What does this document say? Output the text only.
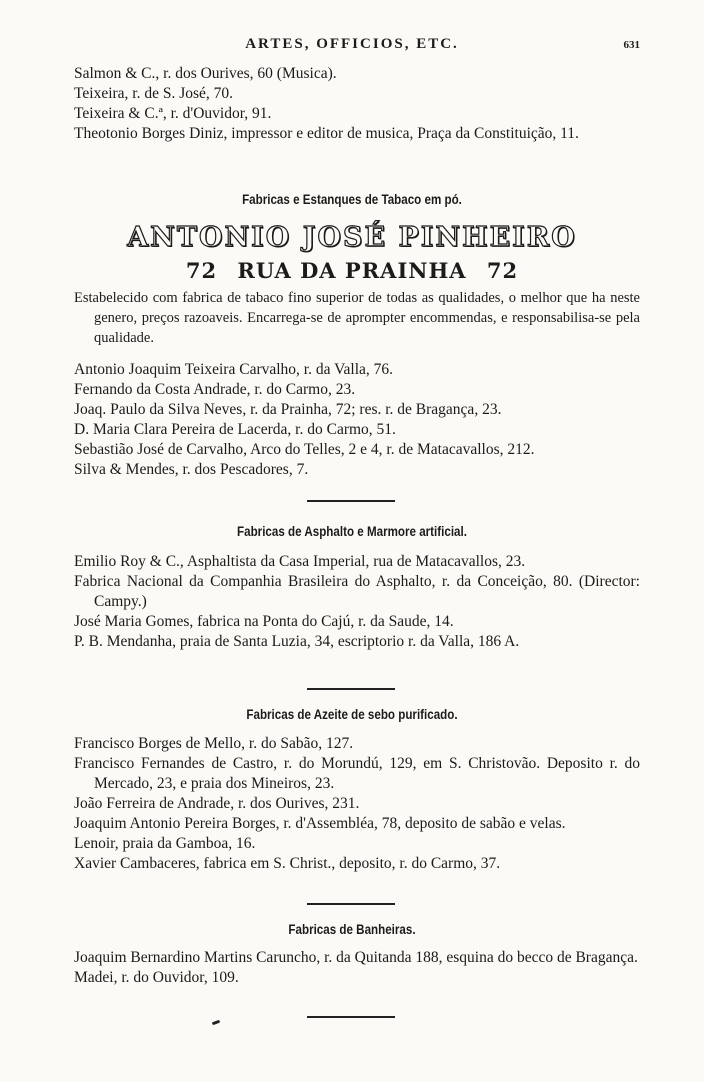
ARTES, OFFICIOS, ETC.	631
Salmon & C., r. dos Ourives, 60 (Musica).
Teixeira, r. de S. José, 70.
Teixeira & C.ª, r. d'Ouvidor, 91.
Theotonio Borges Diniz, impressor e editor de musica, Praça da Constituição, 11.
Fabricas e Estanques de Tabaco em pó.
ANTONIO JOSÉ PINHEIRO
72 RUA DA PRAINHA 72
Estabelecido com fabrica de tabaco fino superior de todas as qualidades, o melhor que ha neste genero, preços razoaveis. Encarrega-se de aprompter encommendas, e responsabilisa-se pela qualidade.
Antonio Joaquim Teixeira Carvalho, r. da Valla, 76.
Fernando da Costa Andrade, r. do Carmo, 23.
Joaq. Paulo da Silva Neves, r. da Prainha, 72; res. r. de Bragança, 23.
D. Maria Clara Pereira de Lacerda, r. do Carmo, 51.
Sebastião José de Carvalho, Arco do Telles, 2 e 4, r. de Matacavallos, 212.
Silva & Mendes, r. dos Pescadores, 7.
Fabricas de Asphalto e Marmore artificial.
Emilio Roy & C., Asphaltista da Casa Imperial, rua de Matacavallos, 23.
Fabrica Nacional da Companhia Brasileira do Asphalto, r. da Conceição, 80. (Director: Campy.)
José Maria Gomes, fabrica na Ponta do Cajú, r. da Saude, 14.
P. B. Mendanha, praia de Santa Luzia, 34, escriptorio r. da Valla, 186 A.
Fabricas de Azeite de sebo purificado.
Francisco Borges de Mello, r. do Sabão, 127.
Francisco Fernandes de Castro, r. do Morundú, 129, em S. Christovão. Deposito r. do Mercado, 23, e praia dos Mineiros, 23.
João Ferreira de Andrade, r. dos Ourives, 231.
Joaquim Antonio Pereira Borges, r. d'Assembléa, 78, deposito de sabão e velas.
Lenoir, praia da Gamboa, 16.
Xavier Cambaceres, fabrica em S. Christ., deposito, r. do Carmo, 37.
Fabricas de Banheiras.
Joaquim Bernardino Martins Caruncho, r. da Quitanda 188, esquina do becco de Bragança.
Madei, r. do Ouvidor, 109.
